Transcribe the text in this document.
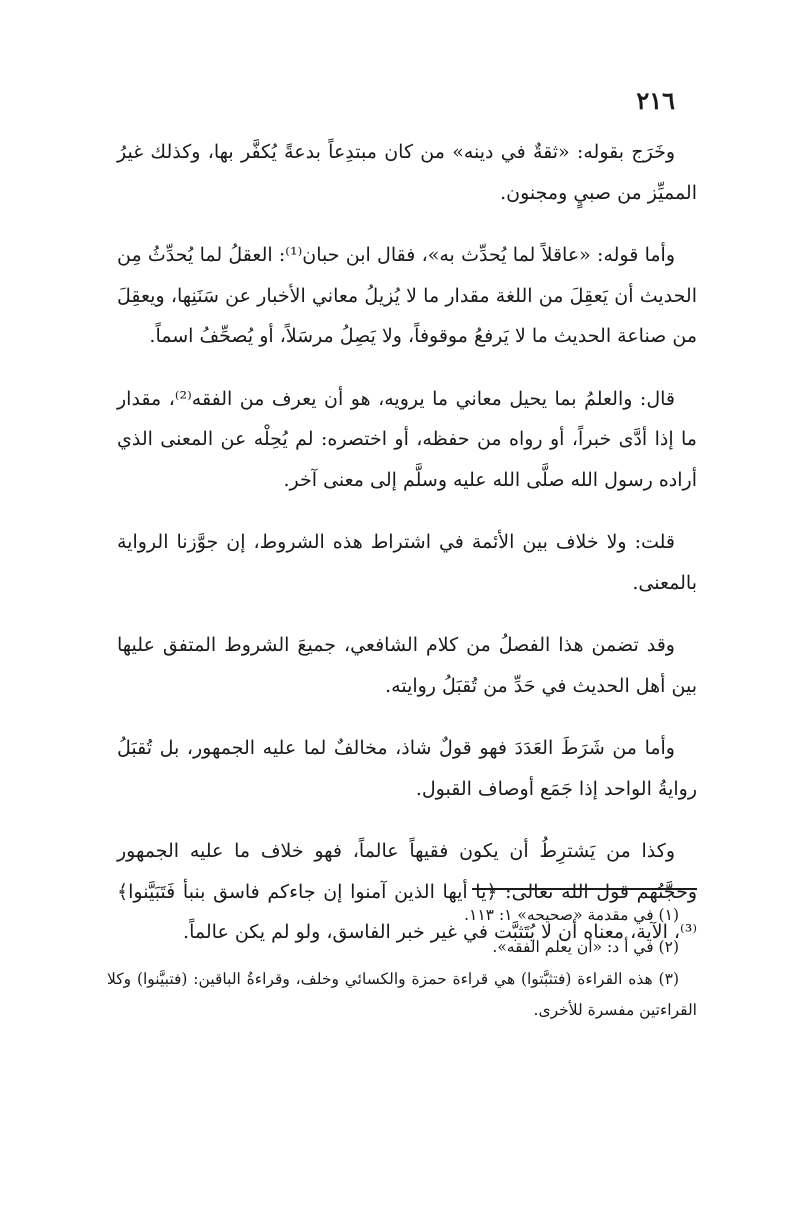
٢١٦

وخَرَج بقوله: «ثقةٌ في دينه» من كان مبتدِعاً بدعةً يُكفَّر بها، وكذلك غيرُ المميِّز من صبيٍ ومجنون.

وأما قوله: «عاقلاً لما يُحدِّث به»، فقال ابن حبان⁽¹⁾: العقلُ لما يُحدِّثُ مِن الحديث أن يَعقِلَ من اللغة مقدار ما لا يُزيلُ معاني الأخبار عن سَنَنِها، ويعقِلَ من صناعة الحديث ما لا يَرفعُ موقوفاً، ولا يَصِلُ مرسَلاً، أو يُصحِّفُ اسماً.

قال: والعلمُ بما يحيل معاني ما يرويه، هو أن يعرف من الفقه⁽²⁾، مقدار ما إذا أدَّى خبراً، أو رواه من حفظه، أو اختصره: لم يُحِلْه عن المعنى الذي أراده رسول الله صلَّى الله عليه وسلَّم إلى معنى آخر.

قلت: ولا خلاف بين الأئمة في اشتراط هذه الشروط، إن جوَّزنا الرواية بالمعنى.

وقد تضمن هذا الفصلُ من كلام الشافعي، جميعَ الشروط المتفق عليها بين أهل الحديث في حَدِّ من تُقبَلُ روايته.

وأما من شَرَطَ العَدَدَ فهو قولٌ شاذ، مخالفٌ لما عليه الجمهور، بل تُقبَلُ روايةُ الواحد إذا جَمَع أوصاف القبول.

وكذا من يَشترِطُ أن يكون فقيهاً عالماً، فهو خلاف ما عليه الجمهور وحجَّتُهم قول الله تعالى: ﴿يا أيها الذين آمنوا إن جاءكم فاسق بنبأ فَتَبَيَّنوا﴾⁽³⁾، الآية، معناه أن لا يُتَثبَّت في غير خبر الفاسق، ولو لم يكن عالماً.

(١) في مقدمة «صحيحه» ١: ١١٣.

(٢) في أ د: «أن يعلم الفقه».

(٣) هذه القراءة (فتثبَّتوا) هي قراءة حمزة والكسائي وخلف، وقراءةُ الباقين: (فتبيَّنوا) وكلا القراءتين مفسرة للأخرى.
